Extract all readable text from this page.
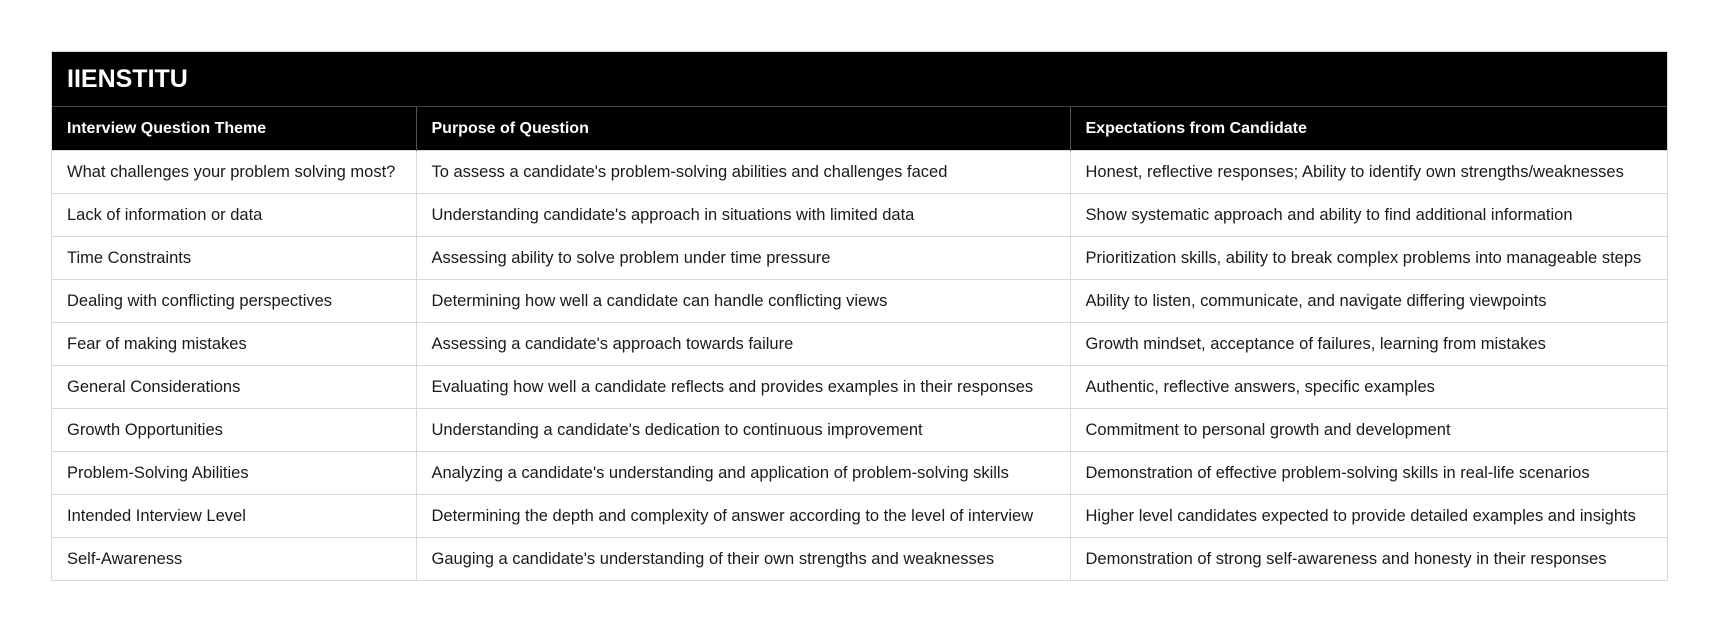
IIENSTITU
Interview Question Theme	Purpose of Question	Expectations from Candidate
What challenges your problem solving most?	To assess a candidate's problem-solving abilities and challenges faced	Honest, reflective responses; Ability to identify own strengths/weaknesses
Lack of information or data	Understanding candidate's approach in situations with limited data	Show systematic approach and ability to find additional information
Time Constraints	Assessing ability to solve problem under time pressure	Prioritization skills, ability to break complex problems into manageable steps
Dealing with conflicting perspectives	Determining how well a candidate can handle conflicting views	Ability to listen, communicate, and navigate differing viewpoints
Fear of making mistakes	Assessing a candidate's approach towards failure	Growth mindset, acceptance of failures, learning from mistakes
General Considerations	Evaluating how well a candidate reflects and provides examples in their responses	Authentic, reflective answers, specific examples
Growth Opportunities	Understanding a candidate's dedication to continuous improvement	Commitment to personal growth and development
Problem-Solving Abilities	Analyzing a candidate's understanding and application of problem-solving skills	Demonstration of effective problem-solving skills in real-life scenarios
Intended Interview Level	Determining the depth and complexity of answer according to the level of interview	Higher level candidates expected to provide detailed examples and insights
Self-Awareness	Gauging a candidate's understanding of their own strengths and weaknesses	Demonstration of strong self-awareness and honesty in their responses
